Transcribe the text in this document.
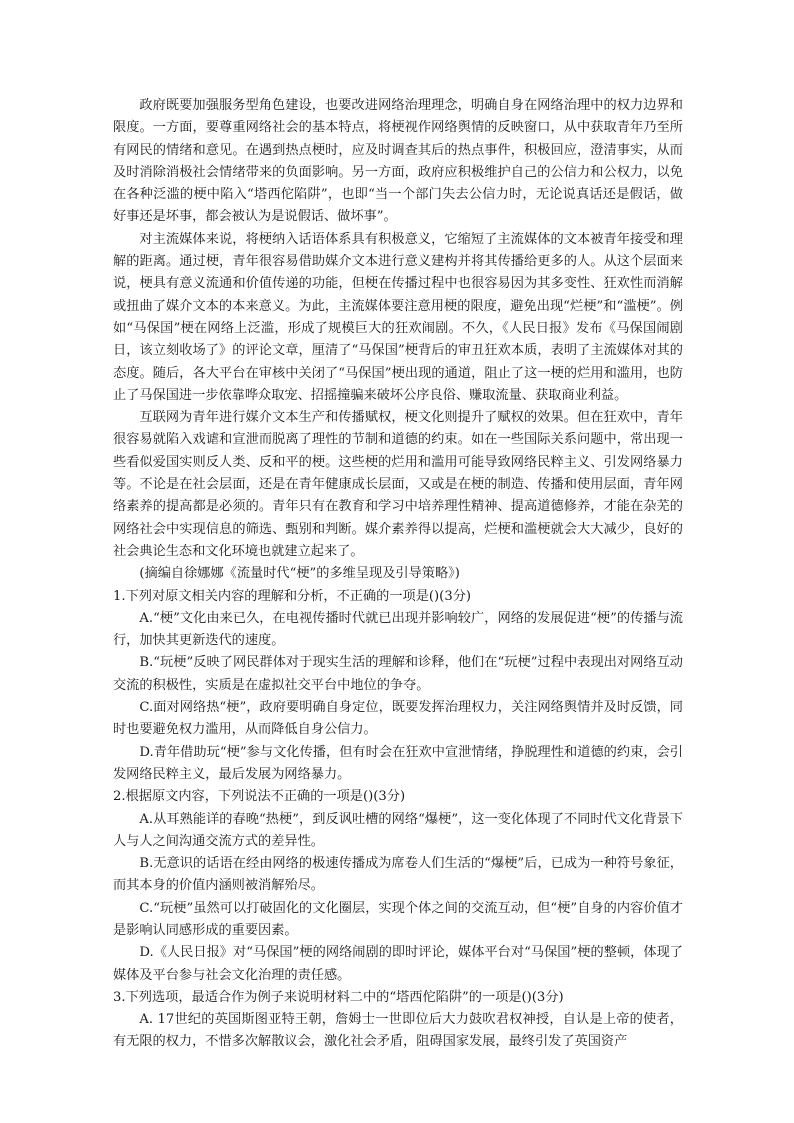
政府既要加强服务型角色建设，也要改进网络治理理念，明确自身在网络治理中的权力边界和限度。一方面，要尊重网络社会的基本特点，将梗视作网络舆情的反映窗口，从中获取青年乃至所有网民的情绪和意见。在遇到热点梗时，应及时调查其后的热点事件，积极回应，澄清事实，从而及时消除消极社会情绪带来的负面影响。另一方面，政府应积极维护自己的公信力和公权力，以免在各种泛滥的梗中陷入“塔西佗陷阱”，也即“当一个部门失去公信力时，无论说真话还是假话，做好事还是坏事，都会被认为是说假话、做坏事”。

对主流媒体来说，将梗纳入话语体系具有积极意义，它缩短了主流媒体的文本被青年接受和理解的距离。通过梗，青年很容易借助媒介文本进行意义建构并将其传播给更多的人。从这个层面来说，梗具有意义流通和价值传递的功能，但梗在传播过程中也很容易因为其多变性、狂欢性而消解或扭曲了媒介文本的本来意义。为此，主流媒体要注意用梗的限度，避免出现“烂梗”和“滥梗”。例如“马保国”梗在网络上泛滥，形成了规模巨大的狂欢闹剧。不久，《人民日报》发布《马保国闹剧日，该立刻收场了》的评论文章，厘清了“马保国”梗背后的审丑狂欢本质，表明了主流媒体对其的态度。随后，各大平台在审核中关闭了“马保国”梗出现的通道，阻止了这一梗的烂用和滥用，也防止了马保国进一步依靠哗众取宠、招摇撞骗来破坏公序良俗、赚取流量、获取商业利益。

互联网为青年进行媒介文本生产和传播赋权，梗文化则提升了赋权的效果。但在狂欢中，青年很容易就陷入戏谑和宣泄而脱离了理性的节制和道德的约束。如在一些国际关系问题中，常出现一些看似爱国实则反人类、反和平的梗。这些梗的烂用和滥用可能导致网络民粹主义、引发网络暴力等。不论是在社会层面，还是在青年健康成长层面，又或是在梗的制造、传播和使用层面，青年网络素养的提高都是必须的。青年只有在教育和学习中培养理性精神、提高道德修养，才能在杂芜的网络社会中实现信息的筛选、甄别和判断。媒介素养得以提高，烂梗和滥梗就会大大减少，良好的社会典论生态和文化环境也就建立起来了。

(摘编自徐娜娜《流量时代“梗”的多维呈现及引导策略》)

1.下列对原文相关内容的理解和分析，不正确的一项是()(3分)

A.“梗”文化由来已久，在电视传播时代就已出现并影响较广，网络的发展促进“梗”的传播与流行，加快其更新迭代的速度。

B.“玩梗”反映了网民群体对于现实生活的理解和诊释，他们在“玩梗”过程中表现出对网络互动交流的积极性，实质是在虚拟社交平台中地位的争夺。

C.面对网络热“梗”，政府要明确自身定位，既要发挥治理权力，关注网络舆情并及时反馈，同时也要避免权力滥用，从而降低自身公信力。

D.青年借助玩“梗”参与文化传播，但有时会在狂欢中宣泄情绪，挣脱理性和道德的约束，会引发网络民粹主义，最后发展为网络暴力。

2.根据原文内容，下列说法不正确的一项是()(3分)

A.从耳熟能详的春晚“热梗”，到反讽吐槽的网络“爆梗”，这一变化体现了不同时代文化背景下人与人之间沟通交流方式的差异性。

B.无意识的话语在经由网络的极速传播成为席卷人们生活的“爆梗”后，已成为一种符号象征，而其本身的价值内涵则被消解殆尽。

C.“玩梗”虽然可以打破固化的文化圈层，实现个体之间的交流互动，但“梗”自身的内容价值才是影响认同感形成的重要因素。

D.《人民日报》对“马保国”梗的网络闹剧的即时评论，媒体平台对“马保国”梗的整顿，体现了媒体及平台参与社会文化治理的责任感。

3.下列选项，最适合作为例子来说明材料二中的“塔西佗陷阱”的一项是()(3分)

A. 17世纪的英国斯图亚特王朝，詹姆士一世即位后大力鼓吹君权神授，自认是上帝的使者，有无限的权力，不惜多次解散议会，激化社会矛盾，阻碍国家发展，最终引发了英国资产
